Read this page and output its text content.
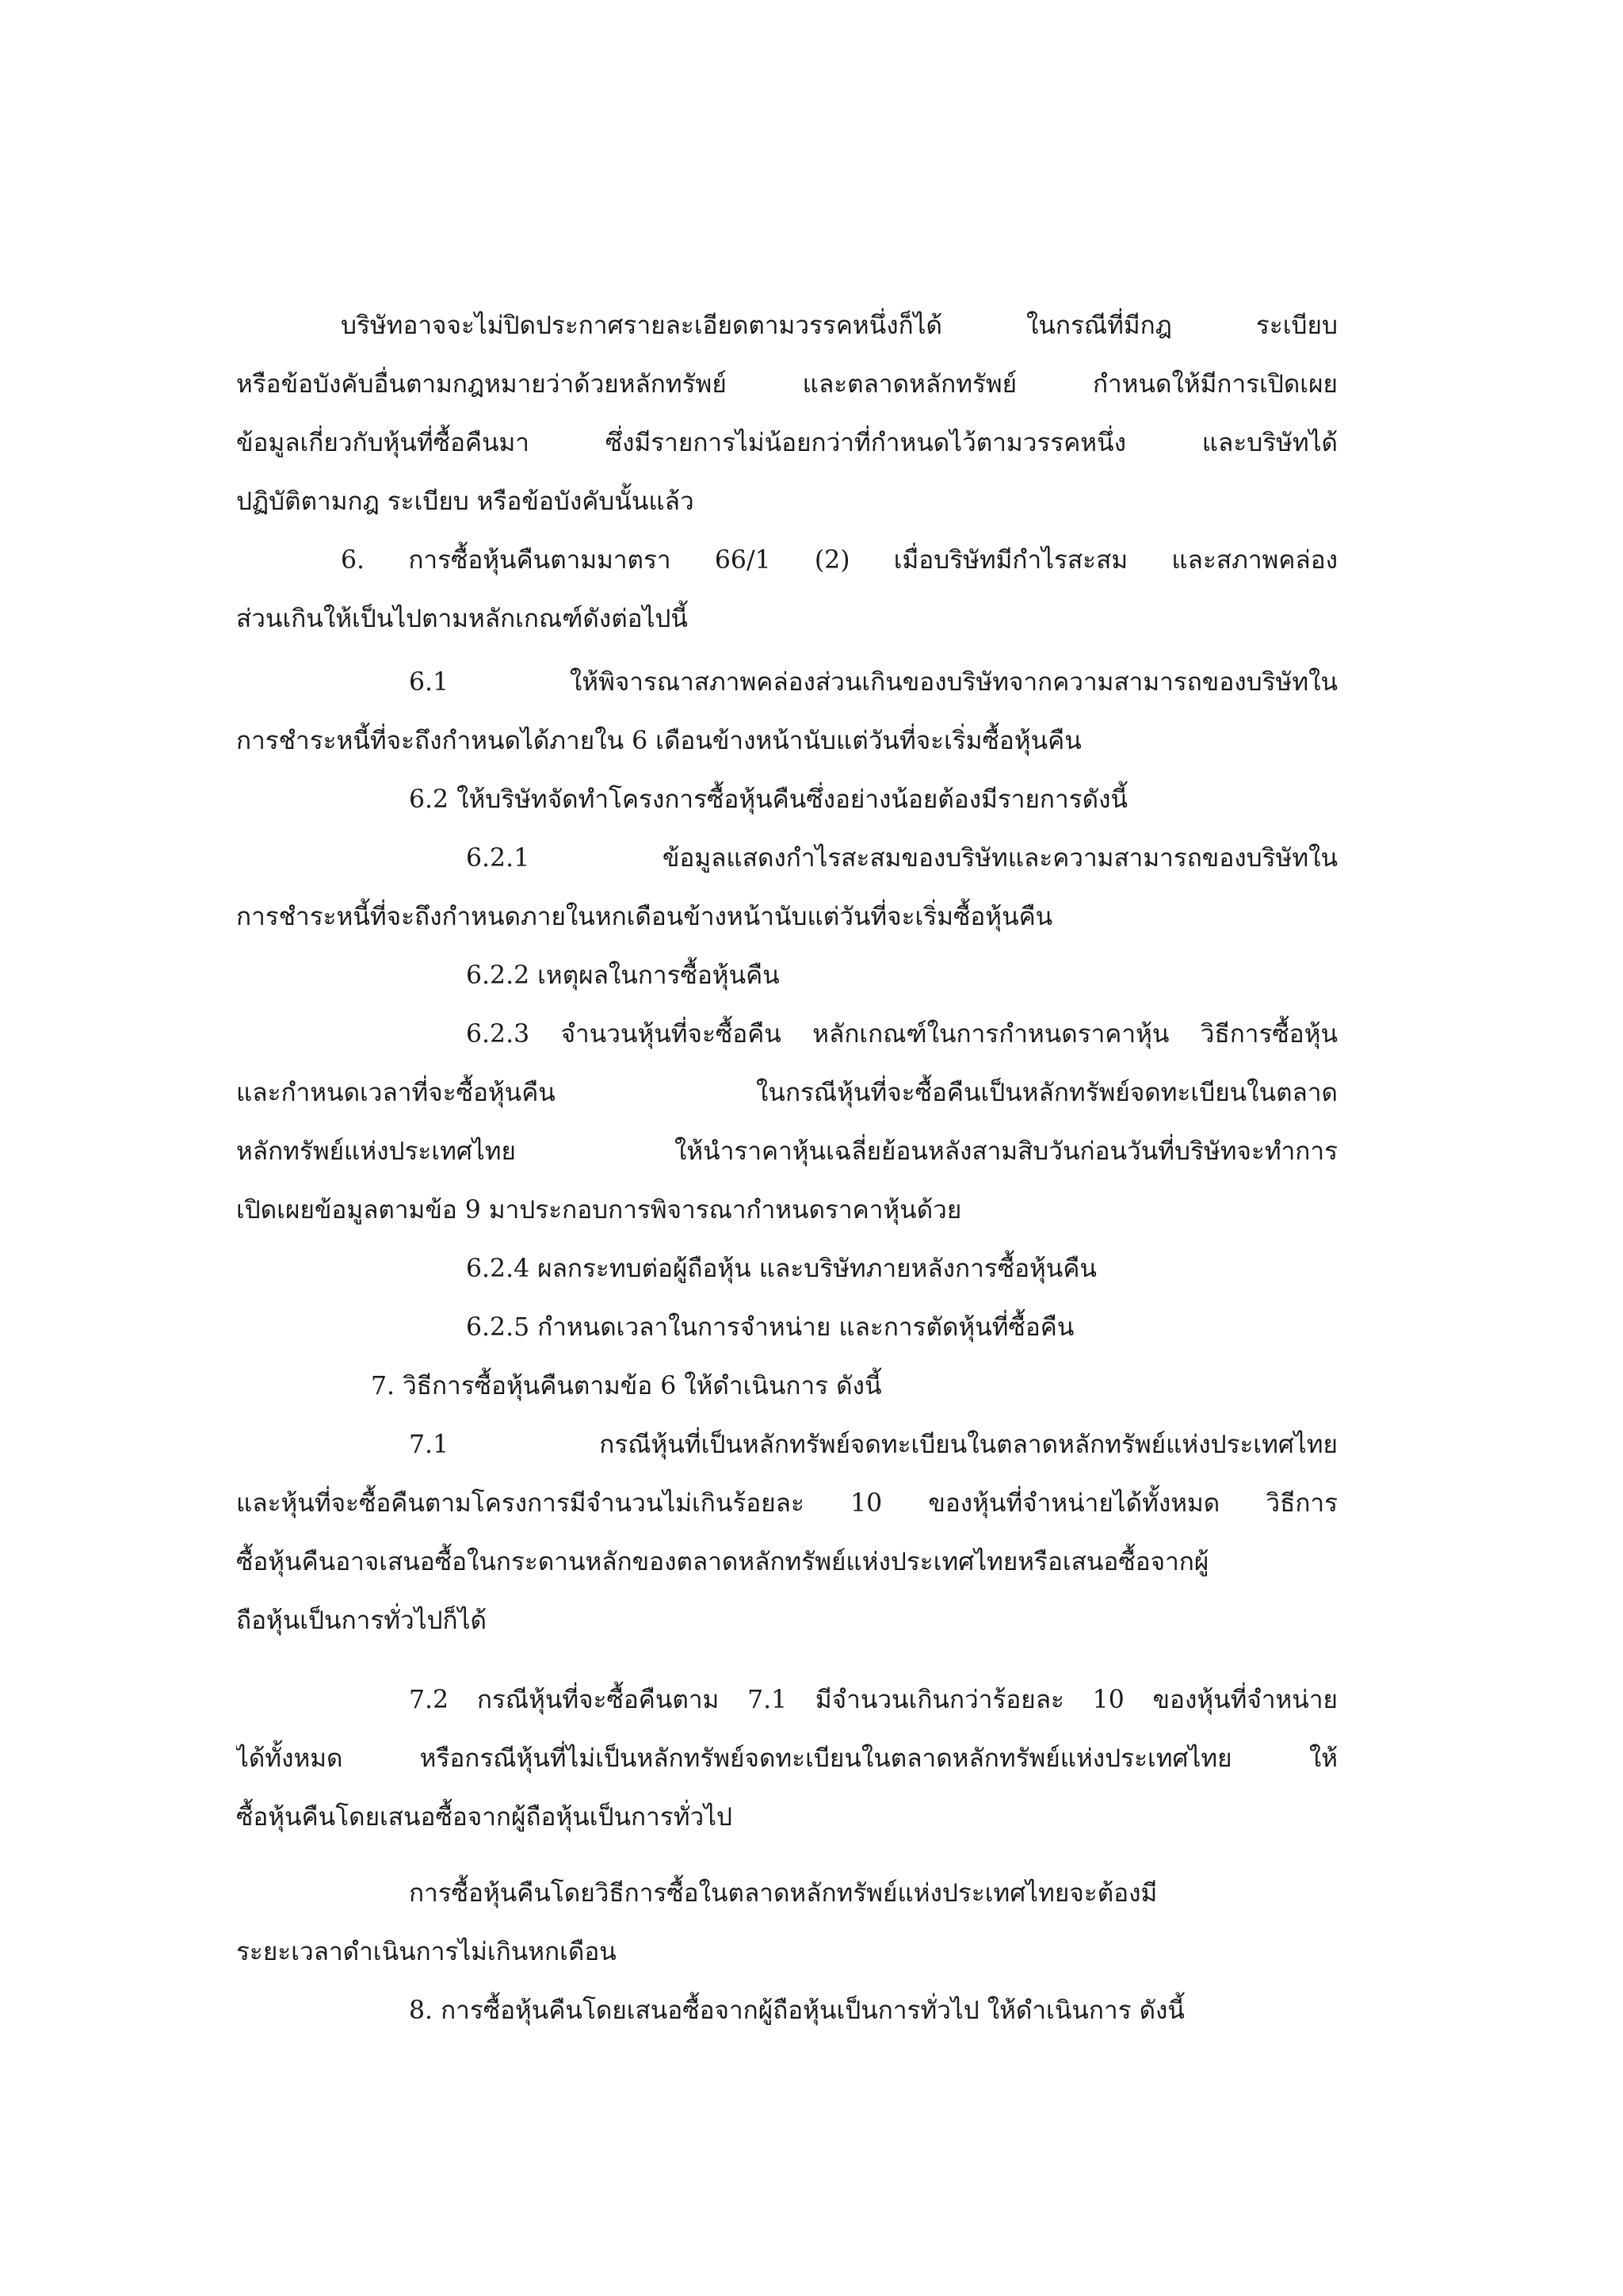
บริษัทอาจจะไม่ปิดประกาศรายละเอียดตามวรรคหนึ่งก็ได้ ในกรณีที่มีกฎ ระเบียบ
หรือข้อบังคับอื่นตามกฎหมายว่าด้วยหลักทรัพย์ และตลาดหลักทรัพย์ กำหนดให้มีการเปิดเผย
ข้อมูลเกี่ยวกับหุ้นที่ซื้อคืนมา ซึ่งมีรายการไม่น้อยกว่าที่กำหนดไว้ตามวรรคหนึ่ง และบริษัทได้
ปฏิบัติตามกฎ ระเบียบ หรือข้อบังคับนั้นแล้ว
6. การซื้อหุ้นคืนตามมาตรา 66/1 (2) เมื่อบริษัทมีกำไรสะสม และสภาพคล่อง
ส่วนเกินให้เป็นไปตามหลักเกณฑ์ดังต่อไปนี้
6.1 ให้พิจารณาสภาพคล่องส่วนเกินของบริษัทจากความสามารถของบริษัทใน
การชำระหนี้ที่จะถึงกำหนดได้ภายใน 6 เดือนข้างหน้านับแต่วันที่จะเริ่มซื้อหุ้นคืน
6.2 ให้บริษัทจัดทำโครงการซื้อหุ้นคืนซึ่งอย่างน้อยต้องมีรายการดังนี้
6.2.1 ข้อมูลแสดงกำไรสะสมของบริษัทและความสามารถของบริษัทใน
การชำระหนี้ที่จะถึงกำหนดภายในหกเดือนข้างหน้านับแต่วันที่จะเริ่มซื้อหุ้นคืน
6.2.2 เหตุผลในการซื้อหุ้นคืน
6.2.3 จำนวนหุ้นที่จะซื้อคืน หลักเกณฑ์ในการกำหนดราคาหุ้น วิธีการซื้อหุ้น
และกำหนดเวลาที่จะซื้อหุ้นคืน ในกรณีหุ้นที่จะซื้อคืนเป็นหลักทรัพย์จดทะเบียนในตลาด
หลักทรัพย์แห่งประเทศไทย ให้นำราคาหุ้นเฉลี่ยย้อนหลังสามสิบวันก่อนวันที่บริษัทจะทำการ
เปิดเผยข้อมูลตามข้อ 9 มาประกอบการพิจารณากำหนดราคาหุ้นด้วย
6.2.4 ผลกระทบต่อผู้ถือหุ้น และบริษัทภายหลังการซื้อหุ้นคืน
6.2.5 กำหนดเวลาในการจำหน่าย และการตัดหุ้นที่ซื้อคืน
7. วิธีการซื้อหุ้นคืนตามข้อ 6 ให้ดำเนินการ ดังนี้
7.1 กรณีหุ้นที่เป็นหลักทรัพย์จดทะเบียนในตลาดหลักทรัพย์แห่งประเทศไทย
และหุ้นที่จะซื้อคืนตามโครงการมีจำนวนไม่เกินร้อยละ 10 ของหุ้นที่จำหน่ายได้ทั้งหมด วิธีการ
ซื้อหุ้นคืนอาจเสนอซื้อในกระดานหลักของตลาดหลักทรัพย์แห่งประเทศไทยหรือเสนอซื้อจากผู้
ถือหุ้นเป็นการทั่วไปก็ได้
7.2 กรณีหุ้นที่จะซื้อคืนตาม 7.1 มีจำนวนเกินกว่าร้อยละ 10 ของหุ้นที่จำหน่าย
ได้ทั้งหมด หรือกรณีหุ้นที่ไม่เป็นหลักทรัพย์จดทะเบียนในตลาดหลักทรัพย์แห่งประเทศไทย ให้
ซื้อหุ้นคืนโดยเสนอซื้อจากผู้ถือหุ้นเป็นการทั่วไป
การซื้อหุ้นคืนโดยวิธีการซื้อในตลาดหลักทรัพย์แห่งประเทศไทยจะต้องมี
ระยะเวลาดำเนินการไม่เกินหกเดือน
8. การซื้อหุ้นคืนโดยเสนอซื้อจากผู้ถือหุ้นเป็นการทั่วไป ให้ดำเนินการ ดังนี้
